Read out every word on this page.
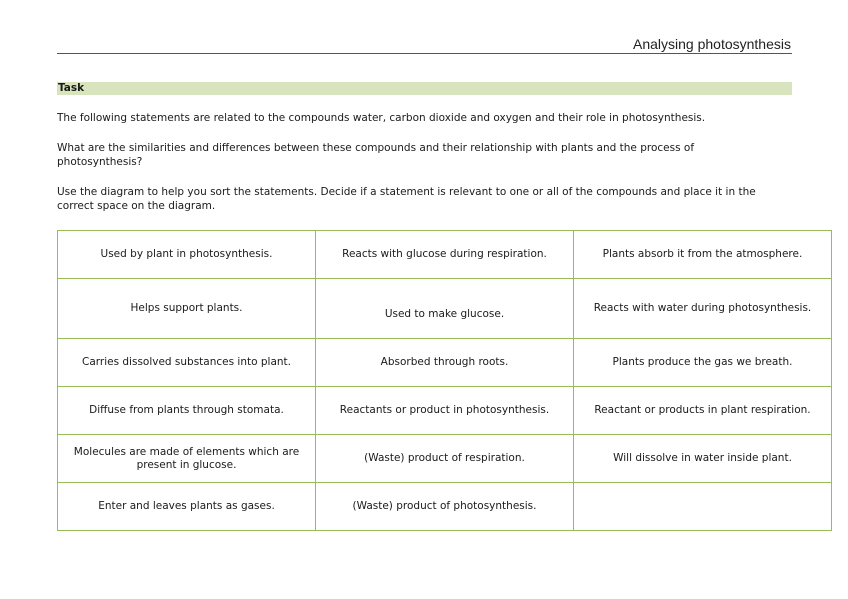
Analysing photosynthesis
Task
The following statements are related to the compounds water, carbon dioxide and oxygen and their role in photosynthesis.
What are the similarities and differences between these compounds and their relationship with plants and the process of photosynthesis?
Use the diagram to help you sort the statements. Decide if a statement is relevant to one or all of the compounds and place it in the correct space on the diagram.
Used by plant in photosynthesis.	Reacts with glucose during respiration.	Plants absorb it from the atmosphere.
Helps support plants.	Used to make glucose.	Reacts with water during photosynthesis.
Carries dissolved substances into plant.	Absorbed through roots.	Plants produce the gas we breath.
Diffuse from plants through stomata.	Reactants or product in photosynthesis.	Reactant or products in plant respiration.
Molecules are made of elements which are present in glucose.	(Waste) product of respiration.	Will dissolve in water inside plant.
Enter and leaves plants as gases.	(Waste) product of photosynthesis.	
